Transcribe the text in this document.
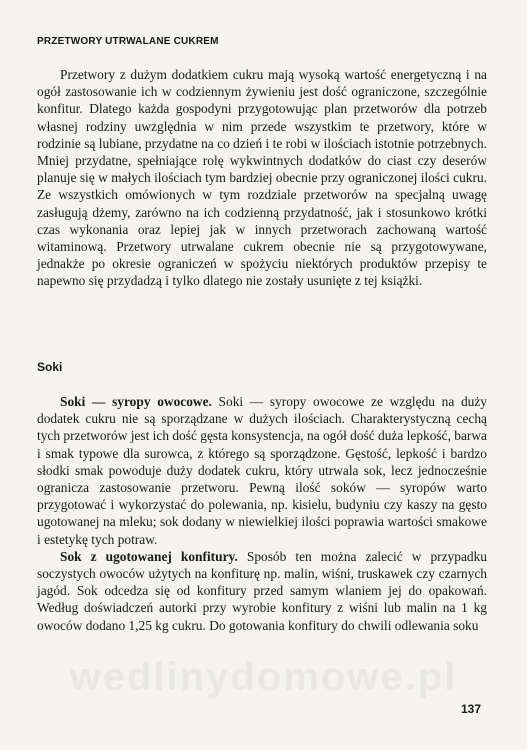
PRZETWORY UTRWALANE CUKREM

Przetwory z dużym dodatkiem cukru mają wysoką wartość energetyczną i na ogół zastosowanie ich w codziennym żywieniu jest dość ograniczone, szczególnie konfitur. Dlatego każda gospodyni przygotowując plan przetworów dla potrzeb własnej rodziny uwzględnia w nim przede wszystkim te przetwory, które w rodzinie są lubiane, przydatne na co dzień i te robi w ilościach istotnie potrzebnych. Mniej przydatne, spełniające rolę wykwintnych dodatków do ciast czy deserów planuje się w małych ilościach tym bardziej obecnie przy ograniczonej ilości cukru. Ze wszystkich omówionych w tym rozdziale przetworów na specjalną uwagę zasługują dżemy, zarówno na ich codzienną przydatność, jak i stosunkowo krótki czas wykonania oraz lepiej jak w innych przetworach zachowaną wartość witaminową. Przetwory utrwalane cukrem obecnie nie są przygotowywane, jednakże po okresie ograniczeń w spożyciu niektórych produktów przepisy te napewno się przydadzą i tylko dlatego nie zostały usunięte z tej książki.

Soki

Soki — syropy owocowe. Soki — syropy owocowe ze względu na duży dodatek cukru nie są sporządzane w dużych ilościach. Charakterystyczną cechą tych przetworów jest ich dość gęsta konsystencja, na ogół dość duża lepkość, barwa i smak typowe dla surowca, z którego są sporządzone. Gęstość, lepkość i bardzo słodki smak powoduje duży dodatek cukru, który utrwala sok, lecz jednocześnie ogranicza zastosowanie przetworu. Pewną ilość soków — syropów warto przygotować i wykorzystać do polewania, np. kisielu, budyniu czy kaszy na gęsto ugotowanej na mleku; sok dodany w niewielkiej ilości poprawia wartości smakowe i estetykę tych potraw.

Sok z ugotowanej konfitury. Sposób ten można zalecić w przypadku soczystych owoców użytych na konfiturę np. malin, wiśni, truskawek czy czarnych jagód. Sok odcedza się od konfitury przed samym wlaniem jej do opakowań. Według doświadczeń autorki przy wyrobie konfitury z wiśni lub malin na 1 kg owoców dodano 1,25 kg cukru. Do gotowania konfitury do chwili odlewania soku

wedlinydomowe.pl
137
